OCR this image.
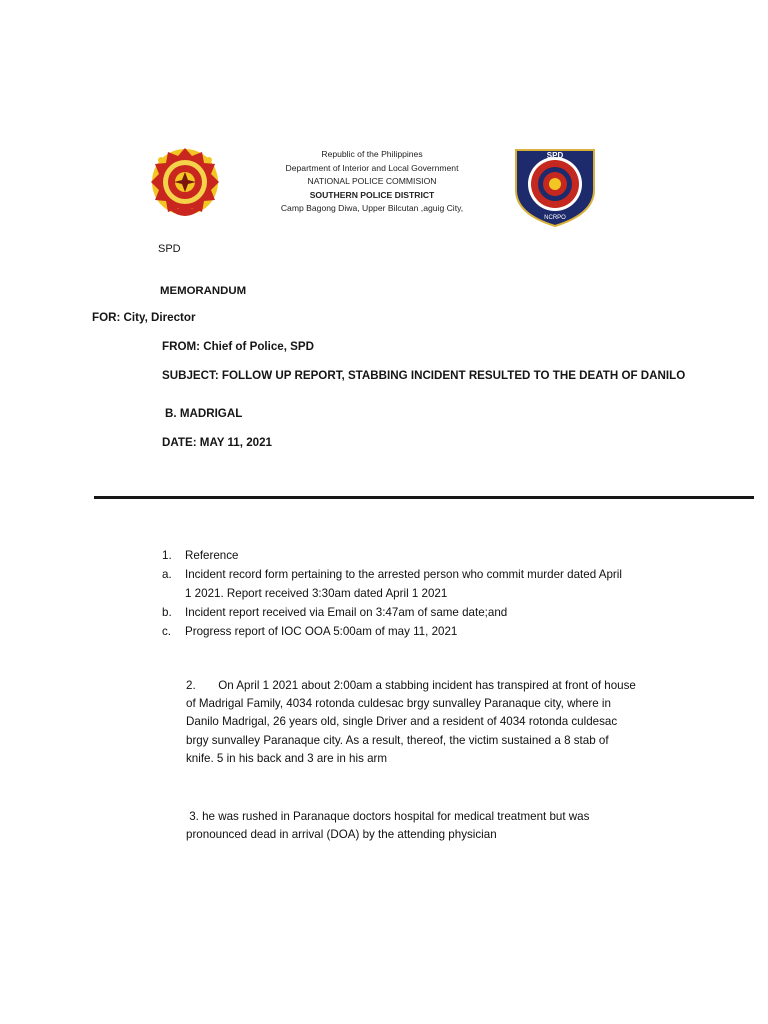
SPD
Republic of the Philippines
Department of Interior and Local Government
NATIONAL POLICE COMMISION
SOUTHERN POLICE DISTRICT
Camp Bagong Diwa, Upper Bilcutan ,aguig City,
SPD
NCRPO
MEMORANDUM
FOR: City, Director
FROM: Chief of Police, SPD
SUBJECT: FOLLOW UP REPORT, STABBING INCIDENT RESULTED TO THE DEATH OF DANILO
B. MADRIGAL
DATE: MAY 11, 2021
1.	Reference
a.	Incident record form pertaining to the arrested person who commit murder dated April
1 2021. Report received 3:30am dated April 1 2021
b.	Incident report received via Email on 3:47am of same date;and
c.	Progress report of IOC OOA 5:00am of may 11, 2021
2.       On April 1 2021 about 2:00am a stabbing incident has transpired at front of house
of Madrigal Family, 4034 rotonda culdesac brgy sunvalley Paranaque city, where in
Danilo Madrigal, 26 years old, single Driver and a resident of 4034 rotonda culdesac
brgy sunvalley Paranaque city. As a result, thereof, the victim sustained a 8 stab of
knife. 5 in his back and 3 are in his arm
3. he was rushed in Paranaque doctors hospital for medical treatment but was
pronounced dead in arrival (DOA) by the attending physician
